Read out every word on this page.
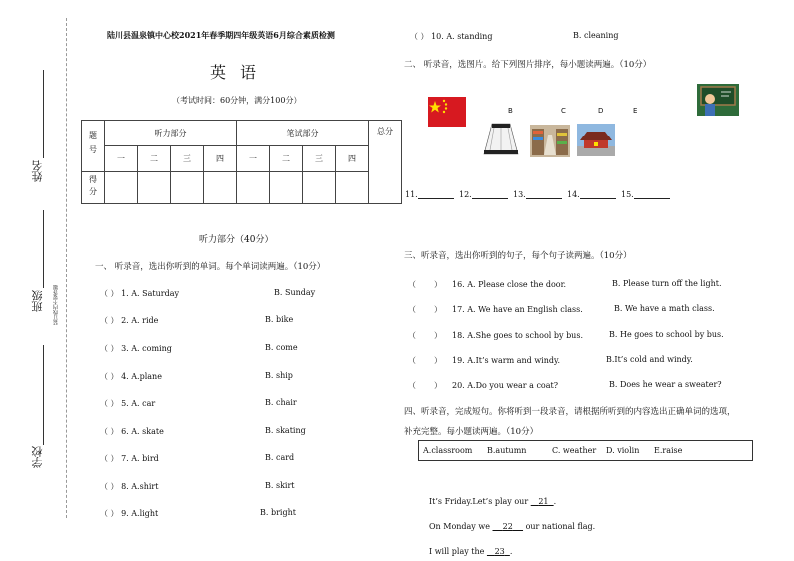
姓名
班级	装订线内不要答题
学校
陆川县温泉镇中心校2021年春季期四年级英语6月综合素质检测
英语
（考试时间：60分钟，满分100分）
题号	听力部分				笔试部分				总分
	一	二	三	四	一	二	三	四	
得分									
听力部分（40分）
一、 听录音，选出你听到的单词。每个单词读两遍。（10分）
（ ） 1. A. Saturday	B. Sunday
（ ） 2. A. ride	B. bike
（ ） 3. A. coming	B. come
（ ） 4. A.plane	B. ship
（ ） 5. A. car	B. chair
（ ） 6. A. skate	B. skating
（ ） 7. A. bird	B. card
（ ） 8. A.shirt	B. skirt
（ ） 9. A.light	B. bright
（ ） 10. A. standing	B. cleaning
二、 听录音，选图片。给下列图片排序，每小题读两遍。（10分）
B	C	D	E
11.	12.	13.	14.	15.
三、听录音，选出你听到的句子，每个句子读两遍。（10分）
（ ） 16. A. Please close the door.	B. Please turn off the light.
（ ） 17. A. We have an English class.	B. We have a math class.
（ ） 18. A.She goes to school by bus.	B. He goes to school by bus.
（ ） 19. A.It’s warm and windy.	B.It’s cold and windy.
（ ） 20. A.Do you wear a coat?	B. Does he wear a sweater?
四、听录音，完成短句。你将听到一段录音，请根据所听到的内容选出正确单词的选项，
补充完整。每小题读两遍。（10分）
A.classroom B.autumn	C. weather D. violin E.raise
It’s Friday.Let’s play our 21 .
On Monday we 22 our national flag.
I will play the 23 .
